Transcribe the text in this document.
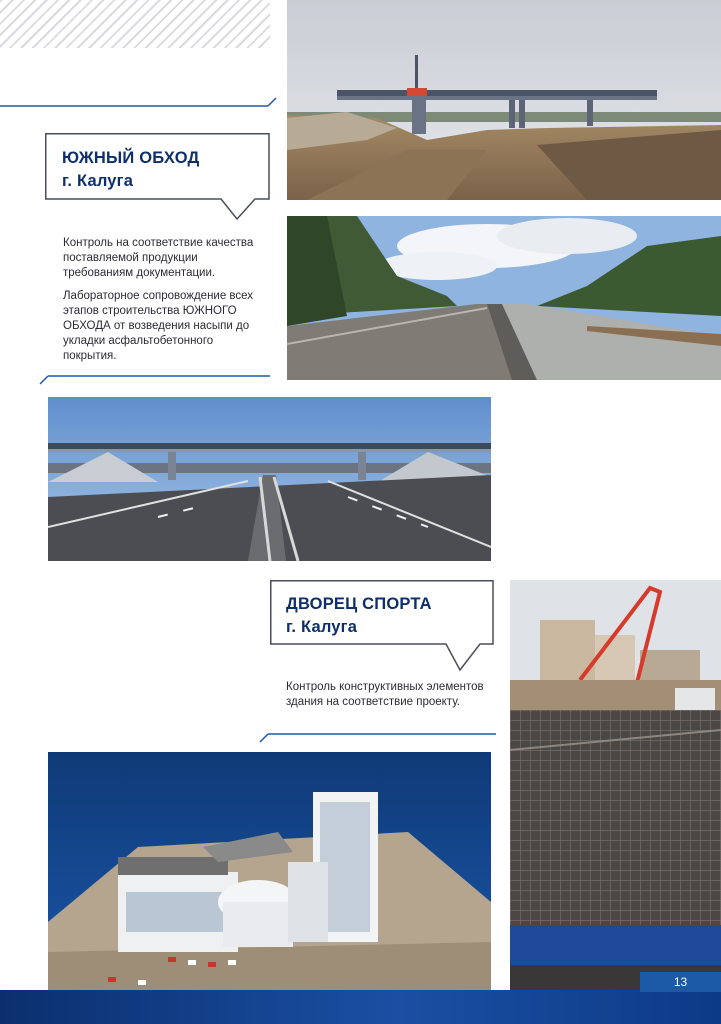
ЮЖНЫЙ ОБХОД
г. Калуга

Контроль на соответствие качества поставляемой продукции требованиям документации.

Лабораторное сопровождение всех этапов строительства ЮЖНОГО ОБХОДА от возведения насыпи до укладки асфальтобетонного покрытия.

ДВОРЕЦ СПОРТА
г. Калуга

Контроль конструктивных элементов здания на соответствие проекту.

13
